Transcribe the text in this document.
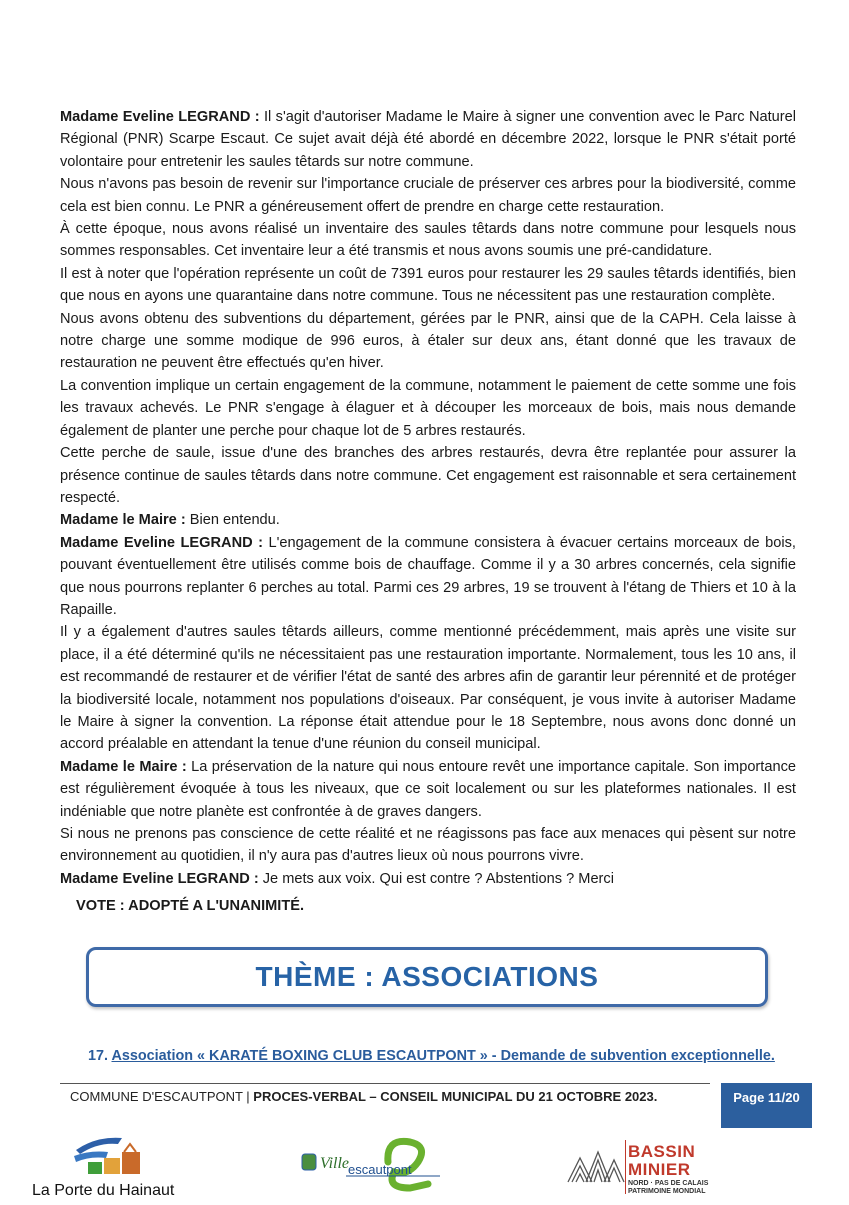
Madame Eveline LEGRAND : Il s'agit d'autoriser Madame le Maire à signer une convention avec le Parc Naturel Régional (PNR) Scarpe Escaut. Ce sujet avait déjà été abordé en décembre 2022, lorsque le PNR s'était porté volontaire pour entretenir les saules têtards sur notre commune.

Nous n'avons pas besoin de revenir sur l'importance cruciale de préserver ces arbres pour la biodiversité, comme cela est bien connu. Le PNR a généreusement offert de prendre en charge cette restauration.

À cette époque, nous avons réalisé un inventaire des saules têtards dans notre commune pour lesquels nous sommes responsables. Cet inventaire leur a été transmis et nous avons soumis une pré-candidature.

Il est à noter que l'opération représente un coût de 7391 euros pour restaurer les 29 saules têtards identifiés, bien que nous en ayons une quarantaine dans notre commune. Tous ne nécessitent pas une restauration complète.

Nous avons obtenu des subventions du département, gérées par le PNR, ainsi que de la CAPH. Cela laisse à notre charge une somme modique de 996 euros, à étaler sur deux ans, étant donné que les travaux de restauration ne peuvent être effectués qu'en hiver.

La convention implique un certain engagement de la commune, notamment le paiement de cette somme une fois les travaux achevés. Le PNR s'engage à élaguer et à découper les morceaux de bois, mais nous demande également de planter une perche pour chaque lot de 5 arbres restaurés.

Cette perche de saule, issue d'une des branches des arbres restaurés, devra être replantée pour assurer la présence continue de saules têtards dans notre commune. Cet engagement est raisonnable et sera certainement respecté.

Madame le Maire : Bien entendu.

Madame Eveline LEGRAND : L'engagement de la commune consistera à évacuer certains morceaux de bois, pouvant éventuellement être utilisés comme bois de chauffage. Comme il y a 30 arbres concernés, cela signifie que nous pourrons replanter 6 perches au total. Parmi ces 29 arbres, 19 se trouvent à l'étang de Thiers et 10 à la Rapaille.

Il y a également d'autres saules têtards ailleurs, comme mentionné précédemment, mais après une visite sur place, il a été déterminé qu'ils ne nécessitaient pas une restauration importante. Normalement, tous les 10 ans, il est recommandé de restaurer et de vérifier l'état de santé des arbres afin de garantir leur pérennité et de protéger la biodiversité locale, notamment nos populations d'oiseaux. Par conséquent, je vous invite à autoriser Madame le Maire à signer la convention. La réponse était attendue pour le 18 Septembre, nous avons donc donné un accord préalable en attendant la tenue d'une réunion du conseil municipal.

Madame le Maire : La préservation de la nature qui nous entoure revêt une importance capitale. Son importance est régulièrement évoquée à tous les niveaux, que ce soit localement ou sur les plateformes nationales. Il est indéniable que notre planète est confrontée à de graves dangers.

Si nous ne prenons pas conscience de cette réalité et ne réagissons pas face aux menaces qui pèsent sur notre environnement au quotidien, il n'y aura pas d'autres lieux où nous pourrons vivre.

Madame Eveline LEGRAND : Je mets aux voix. Qui est contre ? Abstentions ? Merci

VOTE : ADOPTÉ A L'UNANIMITÉ.
THÈME : ASSOCIATIONS
17. Association « KARATÉ BOXING CLUB ESCAUTPONT » - Demande de subvention exceptionnelle.
COMMUNE D'ESCAUTPONT | PROCES-VERBAL – CONSEIL MUNICIPAL DU 21 OCTOBRE 2023.	Page 11/20
La Porte du Hainaut
Ville
escautpont
BASSIN
MINIER
NORD · PAS DE CALAIS
PATRIMOINE MONDIAL
